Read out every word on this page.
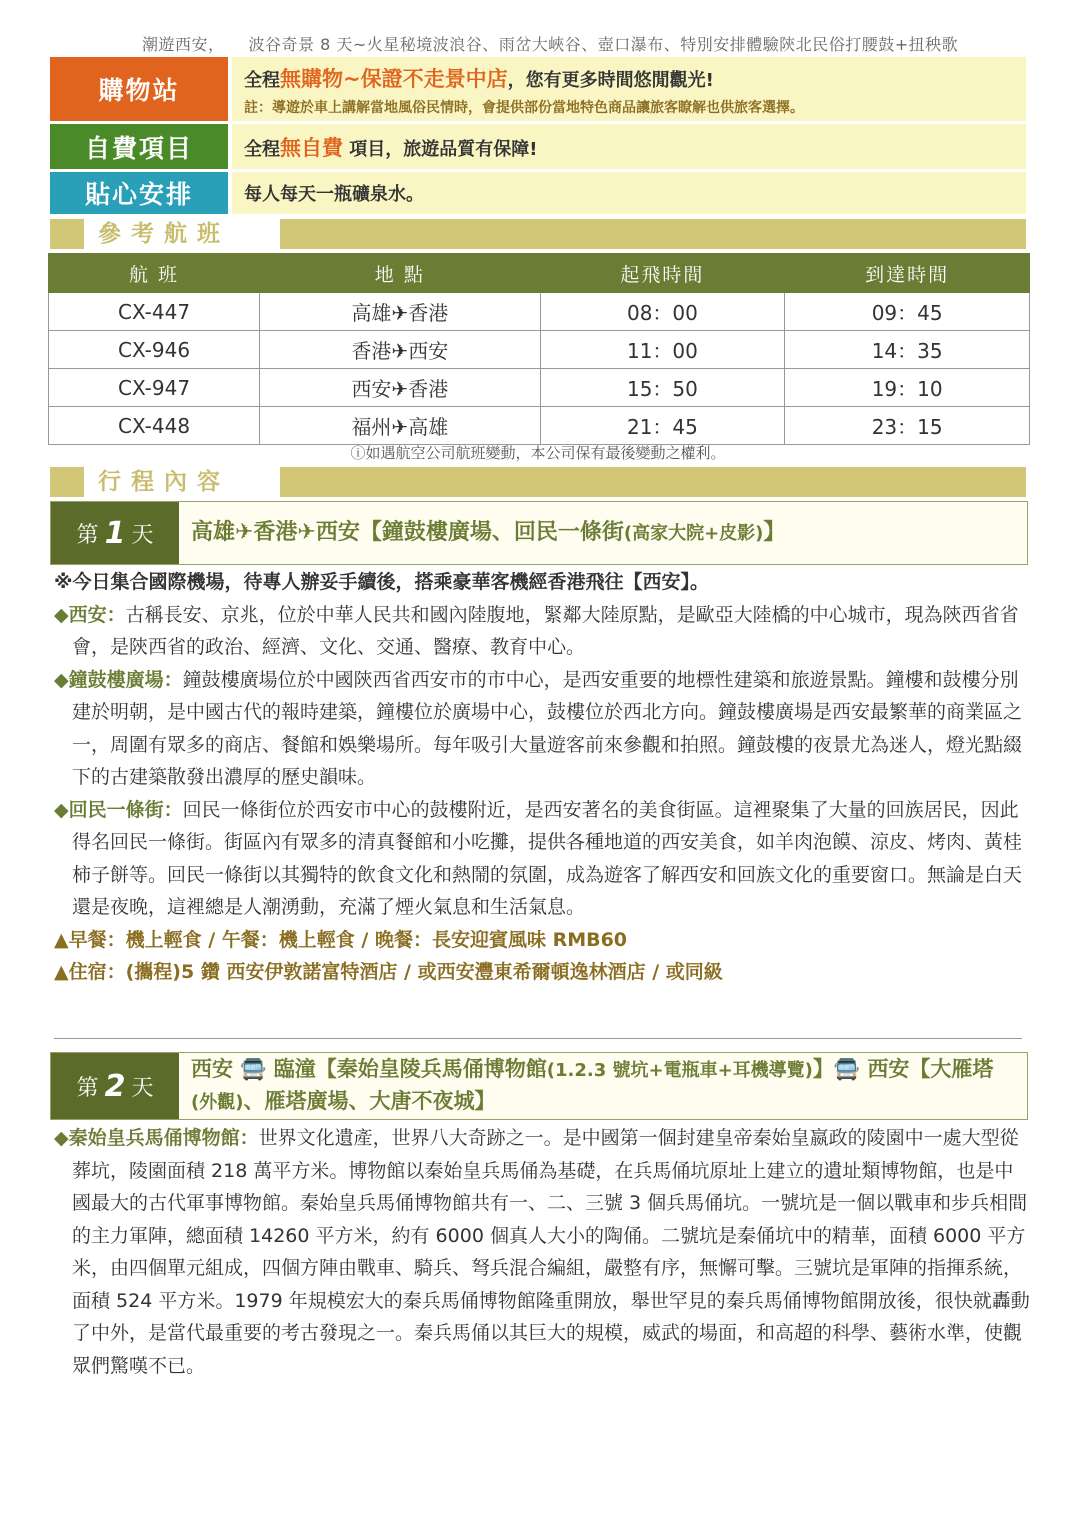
潮遊西安， 波谷奇景 8 天~火星秘境波浪谷、雨岔大峽谷、壺口瀑布、特別安排體驗陝北民俗打腰鼓+扭秧歌
購物站	全程無購物~保證不走景中店，您有更多時間悠閒觀光!
註：導遊於車上講解當地風俗民情時，會提供部份當地特色商品讓旅客瞭解也供旅客選擇。
自費項目	全程無自費 項目，旅遊品質有保障!
貼心安排	每人每天一瓶礦泉水。
參考航班
航 班	地 點	起飛時間	到達時間
CX-447	高雄✈香港	08：00	09：45
CX-946	香港✈西安	11：00	14：35
CX-947	西安✈香港	15：50	19：10
CX-448	福州✈高雄	21：45	23：15
ⓘ如遇航空公司航班變動，本公司保有最後變動之權利。
行程內容
第 1 天 高雄✈香港✈西安【鐘鼓樓廣場、回民一條街(高家大院+皮影)】

※今日集合國際機場，待專人辦妥手續後，搭乘豪華客機經香港飛往【西安】。

◆西安：古稱長安、京兆，位於中華人民共和國內陸腹地，緊鄰大陸原點，是歐亞大陸橋的中心城市，現為陝西省省會，是陝西省的政治、經濟、文化、交通、醫療、教育中心。

◆鐘鼓樓廣場：鐘鼓樓廣場位於中國陝西省西安市的市中心，是西安重要的地標性建築和旅遊景點。鐘樓和鼓樓分別建於明朝，是中國古代的報時建築，鐘樓位於廣場中心，鼓樓位於西北方向。鐘鼓樓廣場是西安最繁華的商業區之一，周圍有眾多的商店、餐館和娛樂場所。每年吸引大量遊客前來參觀和拍照。鐘鼓樓的夜景尤為迷人，燈光點綴下的古建築散發出濃厚的歷史韻味。

◆回民一條街：回民一條街位於西安市中心的鼓樓附近，是西安著名的美食街區。這裡聚集了大量的回族居民，因此得名回民一條街。街區內有眾多的清真餐館和小吃攤，提供各種地道的西安美食，如羊肉泡饃、涼皮、烤肉、黃桂柿子餅等。回民一條街以其獨特的飲食文化和熱鬧的氛圍，成為遊客了解西安和回族文化的重要窗口。無論是白天還是夜晚，這裡總是人潮湧動，充滿了煙火氣息和生活氣息。

▲早餐：機上輕食 / 午餐：機上輕食 / 晚餐：長安迎賓風味 RMB60

▲住宿：(攜程)5 鑽 西安伊敦諾富特酒店 / 或西安灃東希爾頓逸林酒店 / 或同級

第 2 天
西安 🚍 臨潼【秦始皇陵兵馬俑博物館(1.2.3 號坑+電瓶車+耳機導覽)】🚍 西安【大雁塔(外觀)、雁塔廣場、大唐不夜城】

◆秦始皇兵馬俑博物館：世界文化遺產，世界八大奇跡之一。是中國第一個封建皇帝秦始皇嬴政的陵園中一處大型從葬坑，陵園面積 218 萬平方米。博物館以秦始皇兵馬俑為基礎，在兵馬俑坑原址上建立的遺址類博物館，也是中國最大的古代軍事博物館。秦始皇兵馬俑博物館共有一、二、三號 3 個兵馬俑坑。一號坑是一個以戰車和步兵相間的主力軍陣，總面積 14260 平方米，約有 6000 個真人大小的陶俑。二號坑是秦俑坑中的精華，面積 6000 平方米，由四個單元組成，四個方陣由戰車、騎兵、弩兵混合編組，嚴整有序，無懈可擊。三號坑是軍陣的指揮系統，面積 524 平方米。1979 年規模宏大的秦兵馬俑博物館隆重開放，舉世罕見的秦兵馬俑博物館開放後，很快就轟動了中外，是當代最重要的考古發現之一。秦兵馬俑以其巨大的規模，威武的場面，和高超的科學、藝術水準，使觀眾們驚嘆不已。
